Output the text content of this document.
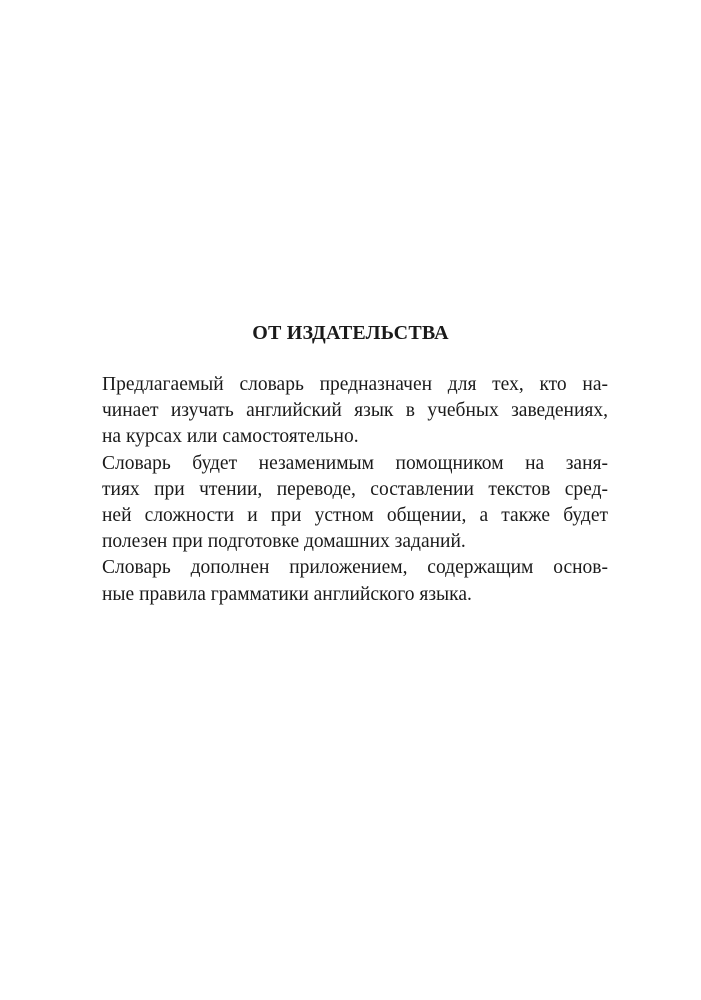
ОТ ИЗДАТЕЛЬСТВА

Предлагаемый словарь предназначен для тех, кто на-
чинает изучать английский язык в учебных заведениях,
на курсах или самостоятельно.

Словарь будет незаменимым помощником на заня-
тиях при чтении, переводе, составлении текстов сред-
ней сложности и при устном общении, а также будет
полезен при подготовке домашних заданий.

Словарь дополнен приложением, содержащим основ-
ные правила грамматики английского языка.
